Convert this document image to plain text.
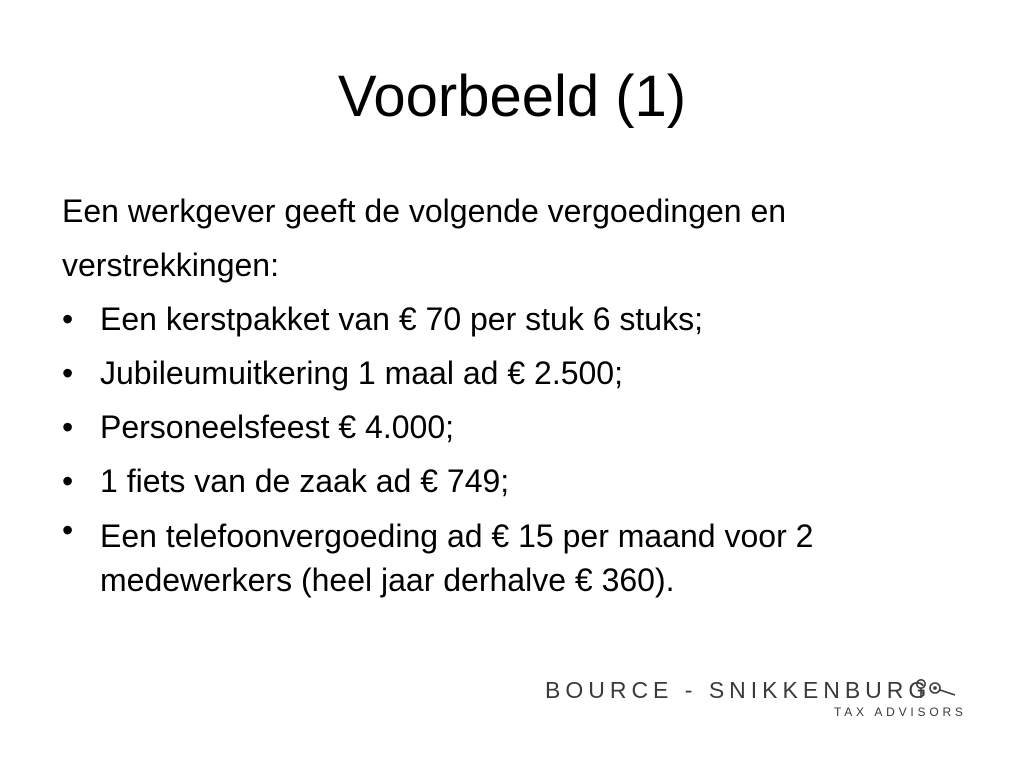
Voorbeeld (1)
Een werkgever geeft de volgende vergoedingen en
verstrekkingen:
• Een kerstpakket van € 70 per stuk 6 stuks;
• Jubileumuitkering 1 maal ad € 2.500;
• Personeelsfeest € 4.000;
• 1 fiets van de zaak ad € 749;
• Een telefoonvergoeding ad € 15 per maand voor 2 medewerkers (heel jaar derhalve € 360).
BOURCE - SNIKKENBURG
TAX ADVISORS
